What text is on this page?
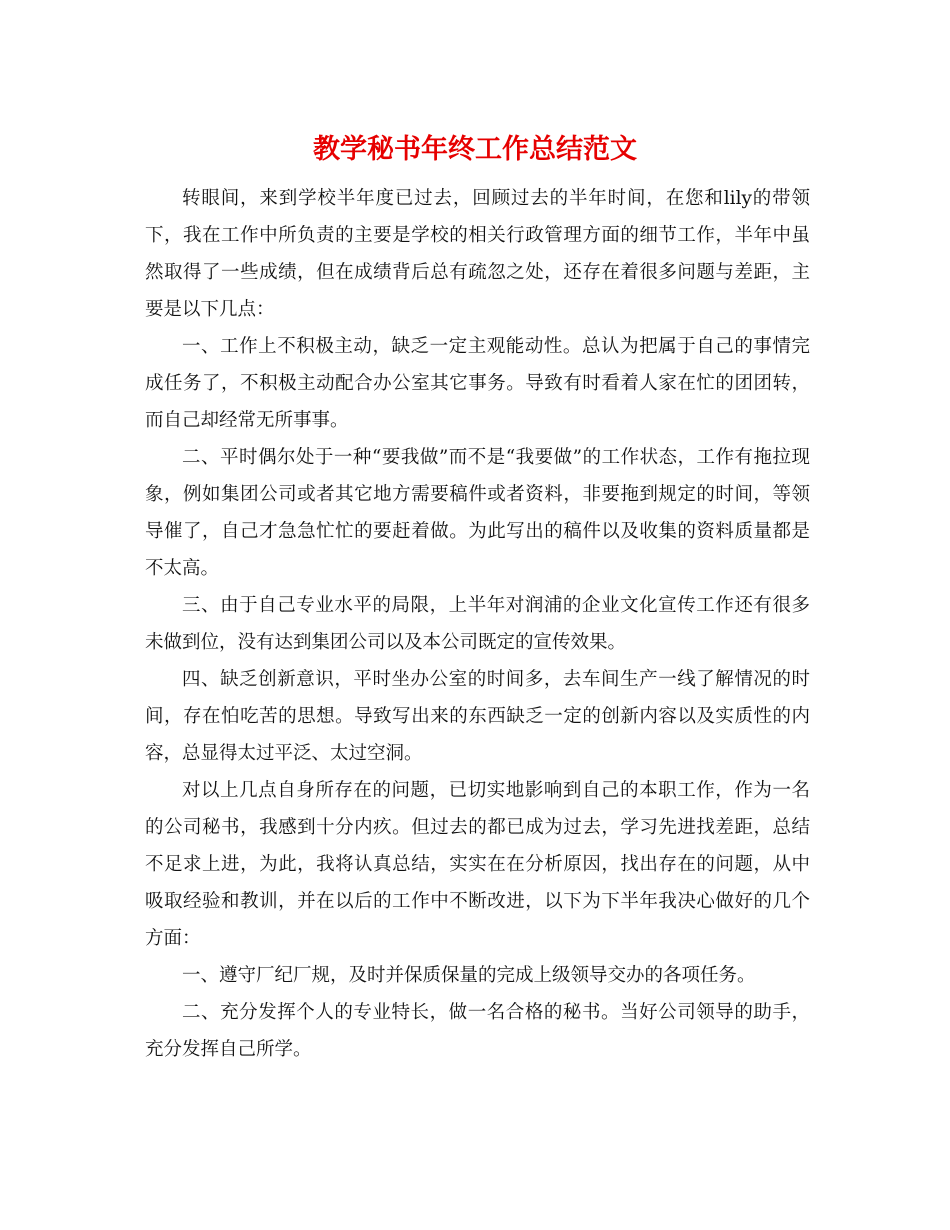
教学秘书年终工作总结范文

转眼间，来到学校半年度已过去，回顾过去的半年时间，在您和lily的带领下，我在工作中所负责的主要是学校的相关行政管理方面的细节工作，半年中虽然取得了一些成绩，但在成绩背后总有疏忽之处，还存在着很多问题与差距，主要是以下几点：

一、工作上不积极主动，缺乏一定主观能动性。总认为把属于自己的事情完成任务了，不积极主动配合办公室其它事务。导致有时看着人家在忙的团团转，而自己却经常无所事事。

二、平时偶尔处于一种“要我做”而不是“我要做”的工作状态，工作有拖拉现象，例如集团公司或者其它地方需要稿件或者资料，非要拖到规定的时间，等领导催了，自己才急急忙忙的要赶着做。为此写出的稿件以及收集的资料质量都是不太高。

三、由于自己专业水平的局限，上半年对润浦的企业文化宣传工作还有很多未做到位，没有达到集团公司以及本公司既定的宣传效果。

四、缺乏创新意识，平时坐办公室的时间多，去车间生产一线了解情况的时间，存在怕吃苦的思想。导致写出来的东西缺乏一定的创新内容以及实质性的内容，总显得太过平泛、太过空洞。

对以上几点自身所存在的问题，已切实地影响到自己的本职工作，作为一名的公司秘书，我感到十分内疚。但过去的都已成为过去，学习先进找差距，总结不足求上进，为此，我将认真总结，实实在在分析原因，找出存在的问题，从中吸取经验和教训，并在以后的工作中不断改进，以下为下半年我决心做好的几个方面：

一、遵守厂纪厂规，及时并保质保量的完成上级领导交办的各项任务。

二、充分发挥个人的专业特长，做一名合格的秘书。当好公司领导的助手，充分发挥自己所学。
